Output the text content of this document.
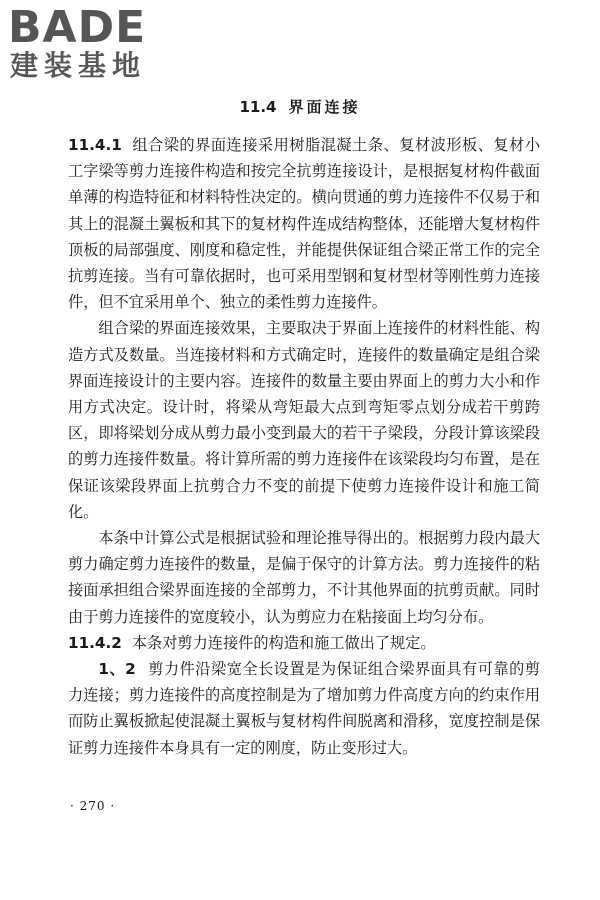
BADE
建装基地
11.4 界面连接

11.4.1 组合梁的界面连接采用树脂混凝土条、复材波形板、复材小工字梁等剪力连接件构造和按完全抗剪连接设计，是根据复材构件截面单薄的构造特征和材料特性决定的。横向贯通的剪力连接件不仅易于和其上的混凝土翼板和其下的复材构件连成结构整体，还能增大复材构件顶板的局部强度、刚度和稳定性，并能提供保证组合梁正常工作的完全抗剪连接。当有可靠依据时，也可采用型钢和复材型材等刚性剪力连接件，但不宜采用单个、独立的柔性剪力连接件。

组合梁的界面连接效果，主要取决于界面上连接件的材料性能、构造方式及数量。当连接材料和方式确定时，连接件的数量确定是组合梁界面连接设计的主要内容。连接件的数量主要由界面上的剪力大小和作用方式决定。设计时，将梁从弯矩最大点到弯矩零点划分成若干剪跨区，即将梁划分成从剪力最小变到最大的若干子梁段，分段计算该梁段的剪力连接件数量。将计算所需的剪力连接件在该梁段均匀布置，是在保证该梁段界面上抗剪合力不变的前提下使剪力连接件设计和施工简化。

本条中计算公式是根据试验和理论推导得出的。根据剪力段内最大剪力确定剪力连接件的数量，是偏于保守的计算方法。剪力连接件的粘接面承担组合梁界面连接的全部剪力，不计其他界面的抗剪贡献。同时由于剪力连接件的宽度较小，认为剪应力在粘接面上均匀分布。

11.4.2 本条对剪力连接件的构造和施工做出了规定。

1、2 剪力件沿梁宽全长设置是为保证组合梁界面具有可靠的剪力连接；剪力连接件的高度控制是为了增加剪力件高度方向的约束作用而防止翼板掀起使混凝土翼板与复材构件间脱离和滑移，宽度控制是保证剪力连接件本身具有一定的刚度，防止变形过大。

· 270 ·
